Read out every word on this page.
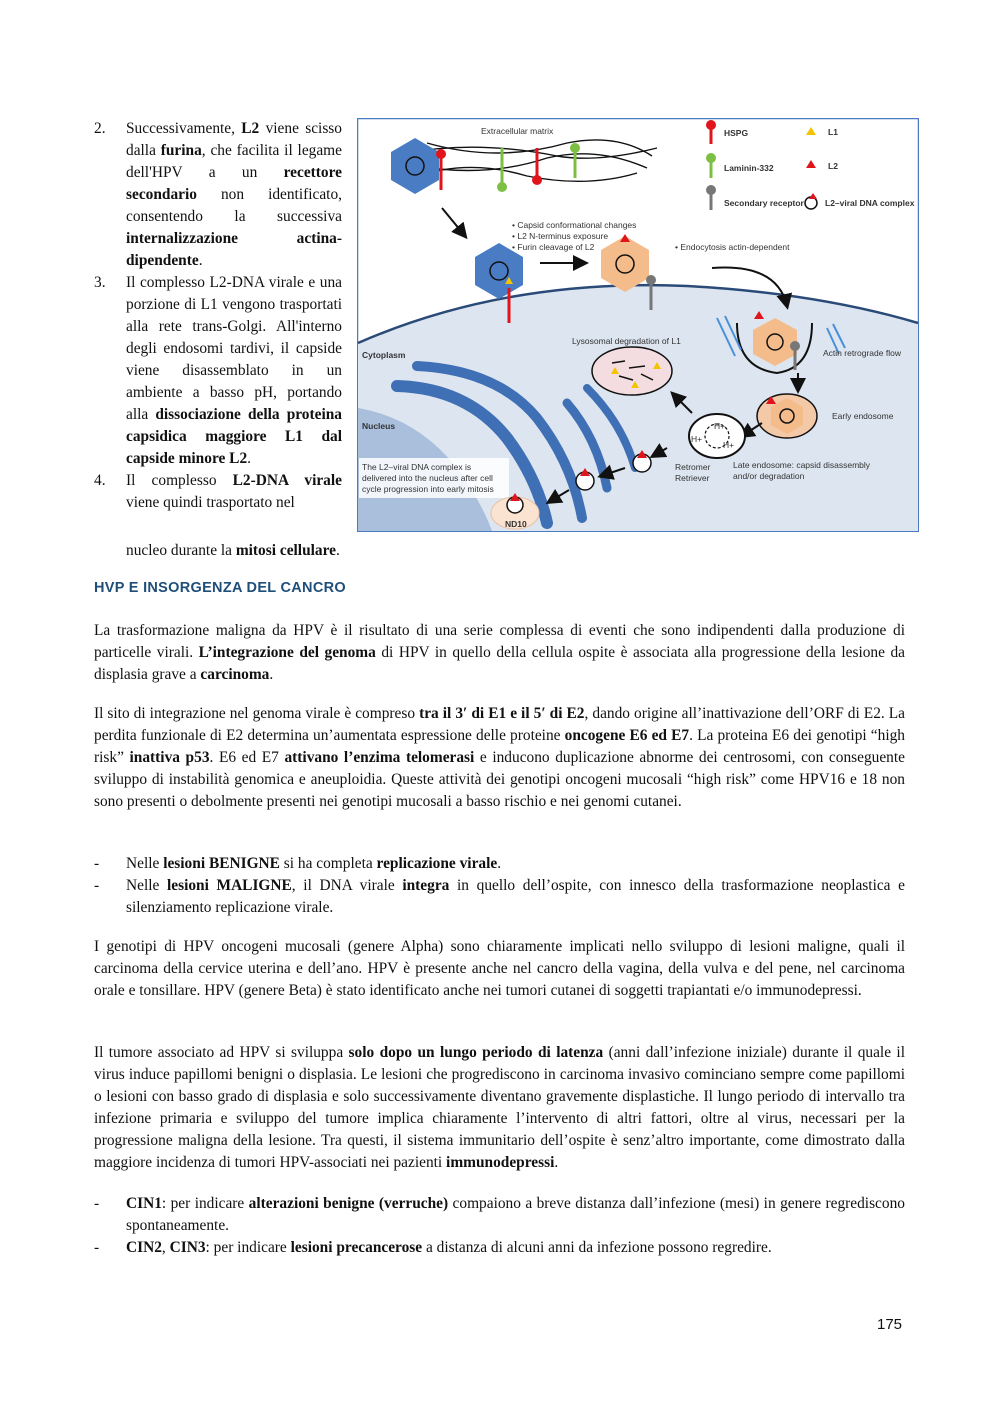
2. Successivamente, L2 viene scisso dalla furina, che facilita il legame dell'HPV a un recettore secondario non identificato, consentendo la successiva internalizzazione actina-dipendente.
3. Il complesso L2-DNA virale e una porzione di L1 vengono trasportati alla rete trans-Golgi. All'interno degli endosomi tardivi, il capside viene disassemblato in un ambiente a basso pH, portando alla dissociazione della proteina capsidica maggiore L1 dal capside minore L2.
4. Il complesso L2-DNA virale viene quindi trasportato nel
nucleo durante la mitosi cellulare.
Extracellular matrix	HSPG
Laminin-332
Secondary receptor
L1
L2
L2–viral DNA complex
• Capsid conformational changes
• L2 N-terminus exposure
• Furin cleavage of L2	• Endocytosis actin-dependent
Actin retrograde flow
Early endosome
H+
H+
H+
Late endosome: capsid disassembly
and/or degradation
Retromer
Retriever
Lysosomal degradation of L1
Cytoplasm
Nucleus
The L2–viral DNA complex is
delivered into the nucleus after cell
cycle progression into early mitosis
ND10
HVP E INSORGENZA DEL CANCRO
La trasformazione maligna da HPV è il risultato di una serie complessa di eventi che sono indipendenti dalla produzione di particelle virali. L’integrazione del genoma di HPV in quello della cellula ospite è associata alla progressione della lesione da displasia grave a carcinoma.
Il sito di integrazione nel genoma virale è compreso tra il 3′ di E1 e il 5′ di E2, dando origine all’inattivazione dell’ORF di E2. La perdita funzionale di E2 determina un’aumentata espressione delle proteine oncogene E6 ed E7. La proteina E6 dei genotipi “high risk” inattiva p53. E6 ed E7 attivano l’enzima telomerasi e inducono duplicazione abnorme dei centrosomi, con conseguente sviluppo di instabilità genomica e aneuploidia. Queste attività dei genotipi oncogeni mucosali “high risk” come HPV16 e 18 non sono presenti o debolmente presenti nei genotipi mucosali a basso rischio e nei genomi cutanei.
- Nelle lesioni BENIGNE si ha completa replicazione virale.
- Nelle lesioni MALIGNE, il DNA virale integra in quello dell’ospite, con innesco della trasformazione neoplastica e silenziamento replicazione virale.
I genotipi di HPV oncogeni mucosali (genere Alpha) sono chiaramente implicati nello sviluppo di lesioni maligne, quali il carcinoma della cervice uterina e dell’ano. HPV è presente anche nel cancro della vagina, della vulva e del pene, nel carcinoma orale e tonsillare. HPV (genere Beta) è stato identificato anche nei tumori cutanei di soggetti trapiantati e/o immunodepressi.
Il tumore associato ad HPV si sviluppa solo dopo un lungo periodo di latenza (anni dall’infezione iniziale) durante il quale il virus induce papillomi benigni o displasia. Le lesioni che progrediscono in carcinoma invasivo cominciano sempre come papillomi o lesioni con basso grado di displasia e solo successivamente diventano gravemente displastiche. Il lungo periodo di intervallo tra infezione primaria e sviluppo del tumore implica chiaramente l’intervento di altri fattori, oltre al virus, necessari per la progressione maligna della lesione. Tra questi, il sistema immunitario dell’ospite è senz’altro importante, come dimostrato dalla maggiore incidenza di tumori HPV-associati nei pazienti immunodepressi.
- CIN1: per indicare alterazioni benigne (verruche) compaiono a breve distanza dall’infezione (mesi) in genere regrediscono spontaneamente.
- CIN2, CIN3: per indicare lesioni precancerose a distanza di alcuni anni da infezione possono regredire.
175
